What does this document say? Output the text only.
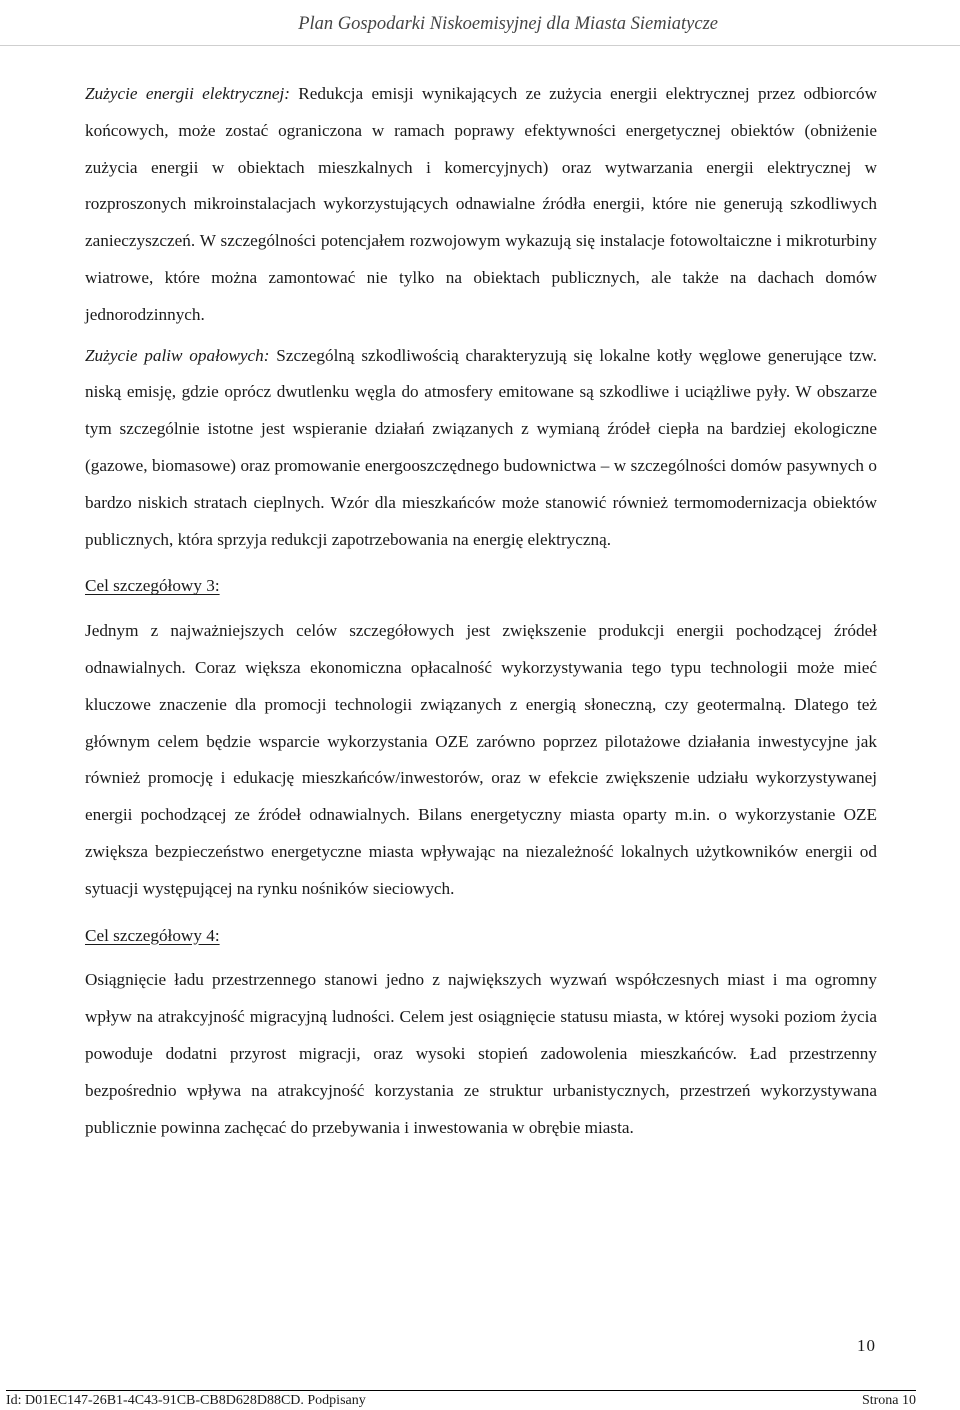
Plan Gospodarki Niskoemisyjnej dla Miasta Siemiatycze

Zużycie energii elektrycznej: Redukcja emisji wynikających ze zużycia energii elektrycznej przez odbiorców końcowych, może zostać ograniczona w ramach poprawy efektywności energetycznej obiektów (obniżenie zużycia energii w obiektach mieszkalnych i komercyjnych) oraz wytwarzania energii elektrycznej w rozproszonych mikroinstalacjach wykorzystujących odnawialne źródła energii, które nie generują szkodliwych zanieczyszczeń. W szczególności potencjałem rozwojowym wykazują się instalacje fotowoltaiczne i mikroturbiny wiatrowe, które można zamontować nie tylko na obiektach publicznych, ale także na dachach domów jednorodzinnych.

Zużycie paliw opałowych: Szczególną szkodliwością charakteryzują się lokalne kotły węglowe generujące tzw. niską emisję, gdzie oprócz dwutlenku węgla do atmosfery emitowane są szkodliwe i uciążliwe pyły. W obszarze tym szczególnie istotne jest wspieranie działań związanych z wymianą źródeł ciepła na bardziej ekologiczne (gazowe, biomasowe) oraz promowanie energooszczędnego budownictwa – w szczególności domów pasywnych o bardzo niskich stratach cieplnych. Wzór dla mieszkańców może stanowić również termomodernizacja obiektów publicznych, która sprzyja redukcji zapotrzebowania na energię elektryczną.

Cel szczegółowy 3:

Jednym z najważniejszych celów szczegółowych jest zwiększenie produkcji energii pochodzącej źródeł odnawialnych. Coraz większa ekonomiczna opłacalność wykorzystywania tego typu technologii może mieć kluczowe znaczenie dla promocji technologii związanych z energią słoneczną, czy geotermalną. Dlatego też głównym celem będzie wsparcie wykorzystania OZE zarówno poprzez pilotażowe działania inwestycyjne jak również promocję i edukację mieszkańców/inwestorów, oraz w efekcie zwiększenie udziału wykorzystywanej energii pochodzącej ze źródeł odnawialnych. Bilans energetyczny miasta oparty m.in. o wykorzystanie OZE zwiększa bezpieczeństwo energetyczne miasta wpływając na niezależność lokalnych użytkowników energii od sytuacji występującej na rynku nośników sieciowych.

Cel szczegółowy 4:

Osiągnięcie ładu przestrzennego stanowi jedno z największych wyzwań współczesnych miast i ma ogromny wpływ na atrakcyjność migracyjną ludności. Celem jest osiągnięcie statusu miasta, w której wysoki poziom życia powoduje dodatni przyrost migracji, oraz wysoki stopień zadowolenia mieszkańców. Ład przestrzenny bezpośrednio wpływa na atrakcyjność korzystania ze struktur urbanistycznych, przestrzeń wykorzystywana publicznie powinna zachęcać do przebywania i inwestowania w obrębie miasta.

10
Id: D01EC147-26B1-4C43-91CB-CB8D628D88CD. Podpisany	Strona 10
